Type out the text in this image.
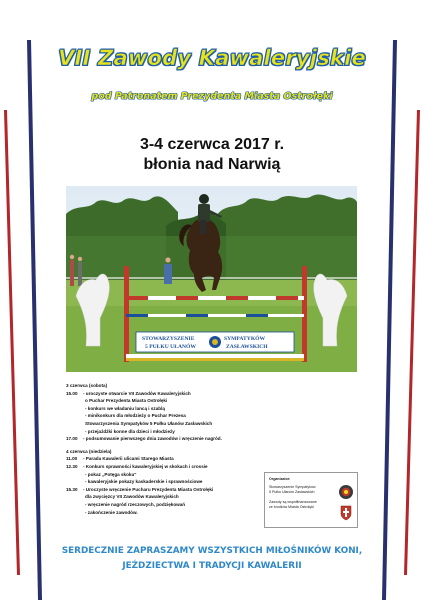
VII Zawody Kawaleryjskie
pod Patronatem Prezydenta Miasta Ostrołęki
3-4 czerwca 2017 r.
błonia nad Narwią
STOWARZYSZENIE
5 PUŁKU UŁANÓW
SYMPATYKÓW
ZASŁAWSKICH
3 czerwca (sobota)
15.00	- uroczyste otwarcie VII Zawodów Kawaleryjskich
o Puchar Prezydenta Miasta Ostrołęki
- konkurs we władaniu lancą i szablą
- minikonkurs dla młodzieży o Puchar Prezesa
Stowarzyszenia Sympatyków 5 Pułku Ułanów Zasławskich
- przejażdżki konne dla dzieci i młodzieży
17.00	- podsumowanie pierwszego dnia zawodów i wręczenie nagród.
4 czerwca (niedziela)
11.00	- Parada Kawalerii ulicami Starego Miasta
12.30	- Konkurs sprawności kawaleryjskiej w skokach i crossie
- pokaz „Potęga skoku"
- kawaleryjskie pokazy kaskaderskie i sprawnościowe
15.30	- Uroczyste wręczenie Pucharu Prezydenta Miasta Ostrołęki
dla zwycięzcy VII Zawodów Kawaleryjskich
- wręczenie nagród rzeczowych, podziękowań
- zakończenie zawodów.
Organizator:
Stowarzyszenie Sympatyków
5 Pułku Ułanów Zasławskich
Zawody są współfinansowane
ze środków Miasta Ostrołęki
SERDECZNIE ZAPRASZAMY WSZYSTKICH MIŁOŚNIKÓW KONI,
JEŹDZIECTWA I TRADYCJI KAWALERII
